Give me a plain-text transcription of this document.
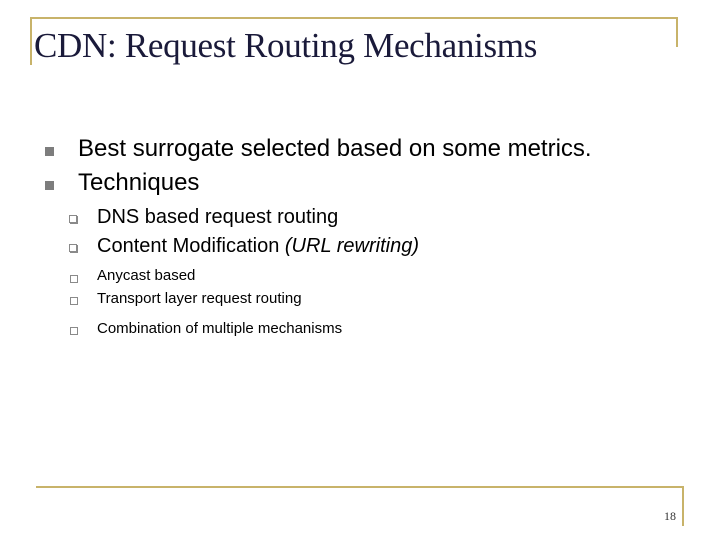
CDN: Request Routing Mechanisms
Best surrogate selected based on some metrics.
Techniques
DNS based request routing
Content Modification (URL rewriting)
Anycast based
Transport layer request routing
Combination of multiple mechanisms
18
